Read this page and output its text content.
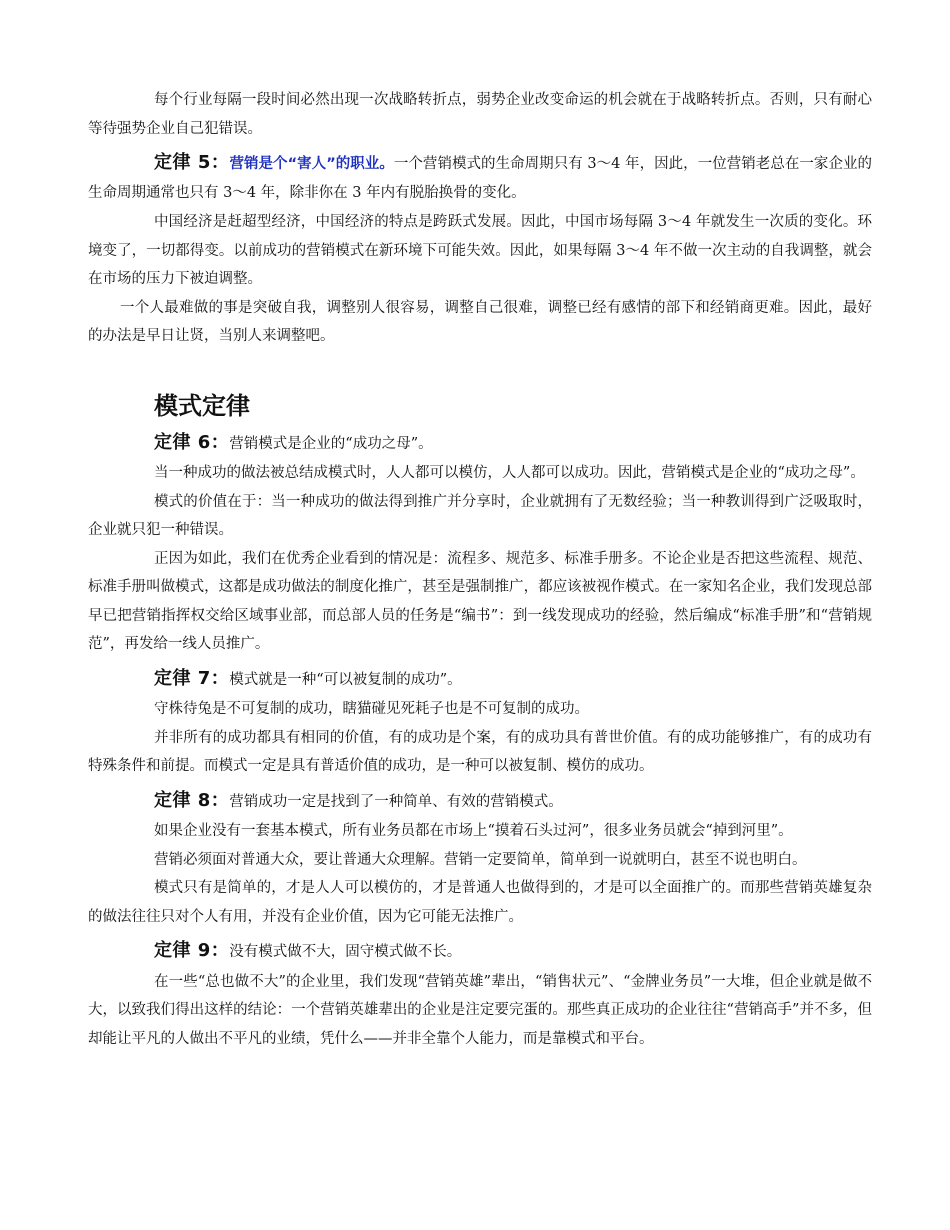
每个行业每隔一段时间必然出现一次战略转折点，弱势企业改变命运的机会就在于战略转折点。否则，只有耐心等待强势企业自己犯错误。

定律 5：营销是个“害人”的职业。一个营销模式的生命周期只有 3～4 年，因此，一位营销老总在一家企业的生命周期通常也只有 3～4 年，除非你在 3 年内有脱胎换骨的变化。

中国经济是赶超型经济，中国经济的特点是跨跃式发展。因此，中国市场每隔 3～4 年就发生一次质的变化。环境变了，一切都得变。以前成功的营销模式在新环境下可能失效。因此，如果每隔 3～4 年不做一次主动的自我调整，就会在市场的压力下被迫调整。

一个人最难做的事是突破自我，调整别人很容易，调整自己很难，调整已经有感情的部下和经销商更难。因此，最好的办法是早日让贤，当别人来调整吧。

模式定律

定律 6：营销模式是企业的“成功之母”。

当一种成功的做法被总结成模式时，人人都可以模仿，人人都可以成功。因此，营销模式是企业的“成功之母”。

模式的价值在于：当一种成功的做法得到推广并分享时，企业就拥有了无数经验；当一种教训得到广泛吸取时，企业就只犯一种错误。

正因为如此，我们在优秀企业看到的情况是：流程多、规范多、标准手册多。不论企业是否把这些流程、规范、标准手册叫做模式，这都是成功做法的制度化推广，甚至是强制推广，都应该被视作模式。在一家知名企业，我们发现总部早已把营销指挥权交给区域事业部，而总部人员的任务是“编书”：到一线发现成功的经验，然后编成“标准手册”和“营销规范”，再发给一线人员推广。

定律 7：模式就是一种“可以被复制的成功”。

守株待兔是不可复制的成功，瞎猫碰见死耗子也是不可复制的成功。

并非所有的成功都具有相同的价值，有的成功是个案，有的成功具有普世价值。有的成功能够推广，有的成功有特殊条件和前提。而模式一定是具有普适价值的成功，是一种可以被复制、模仿的成功。

定律 8：营销成功一定是找到了一种简单、有效的营销模式。

如果企业没有一套基本模式，所有业务员都在市场上“摸着石头过河”，很多业务员就会“掉到河里”。

营销必须面对普通大众，要让普通大众理解。营销一定要简单，简单到一说就明白，甚至不说也明白。

模式只有是简单的，才是人人可以模仿的，才是普通人也做得到的，才是可以全面推广的。而那些营销英雄复杂的做法往往只对个人有用，并没有企业价值，因为它可能无法推广。

定律 9：没有模式做不大，固守模式做不长。

在一些“总也做不大”的企业里，我们发现“营销英雄”辈出，“销售状元”、“金牌业务员”一大堆，但企业就是做不大，以致我们得出这样的结论：一个营销英雄辈出的企业是注定要完蛋的。那些真正成功的企业往往“营销高手”并不多，但却能让平凡的人做出不平凡的业绩，凭什么——并非全靠个人能力，而是靠模式和平台。
